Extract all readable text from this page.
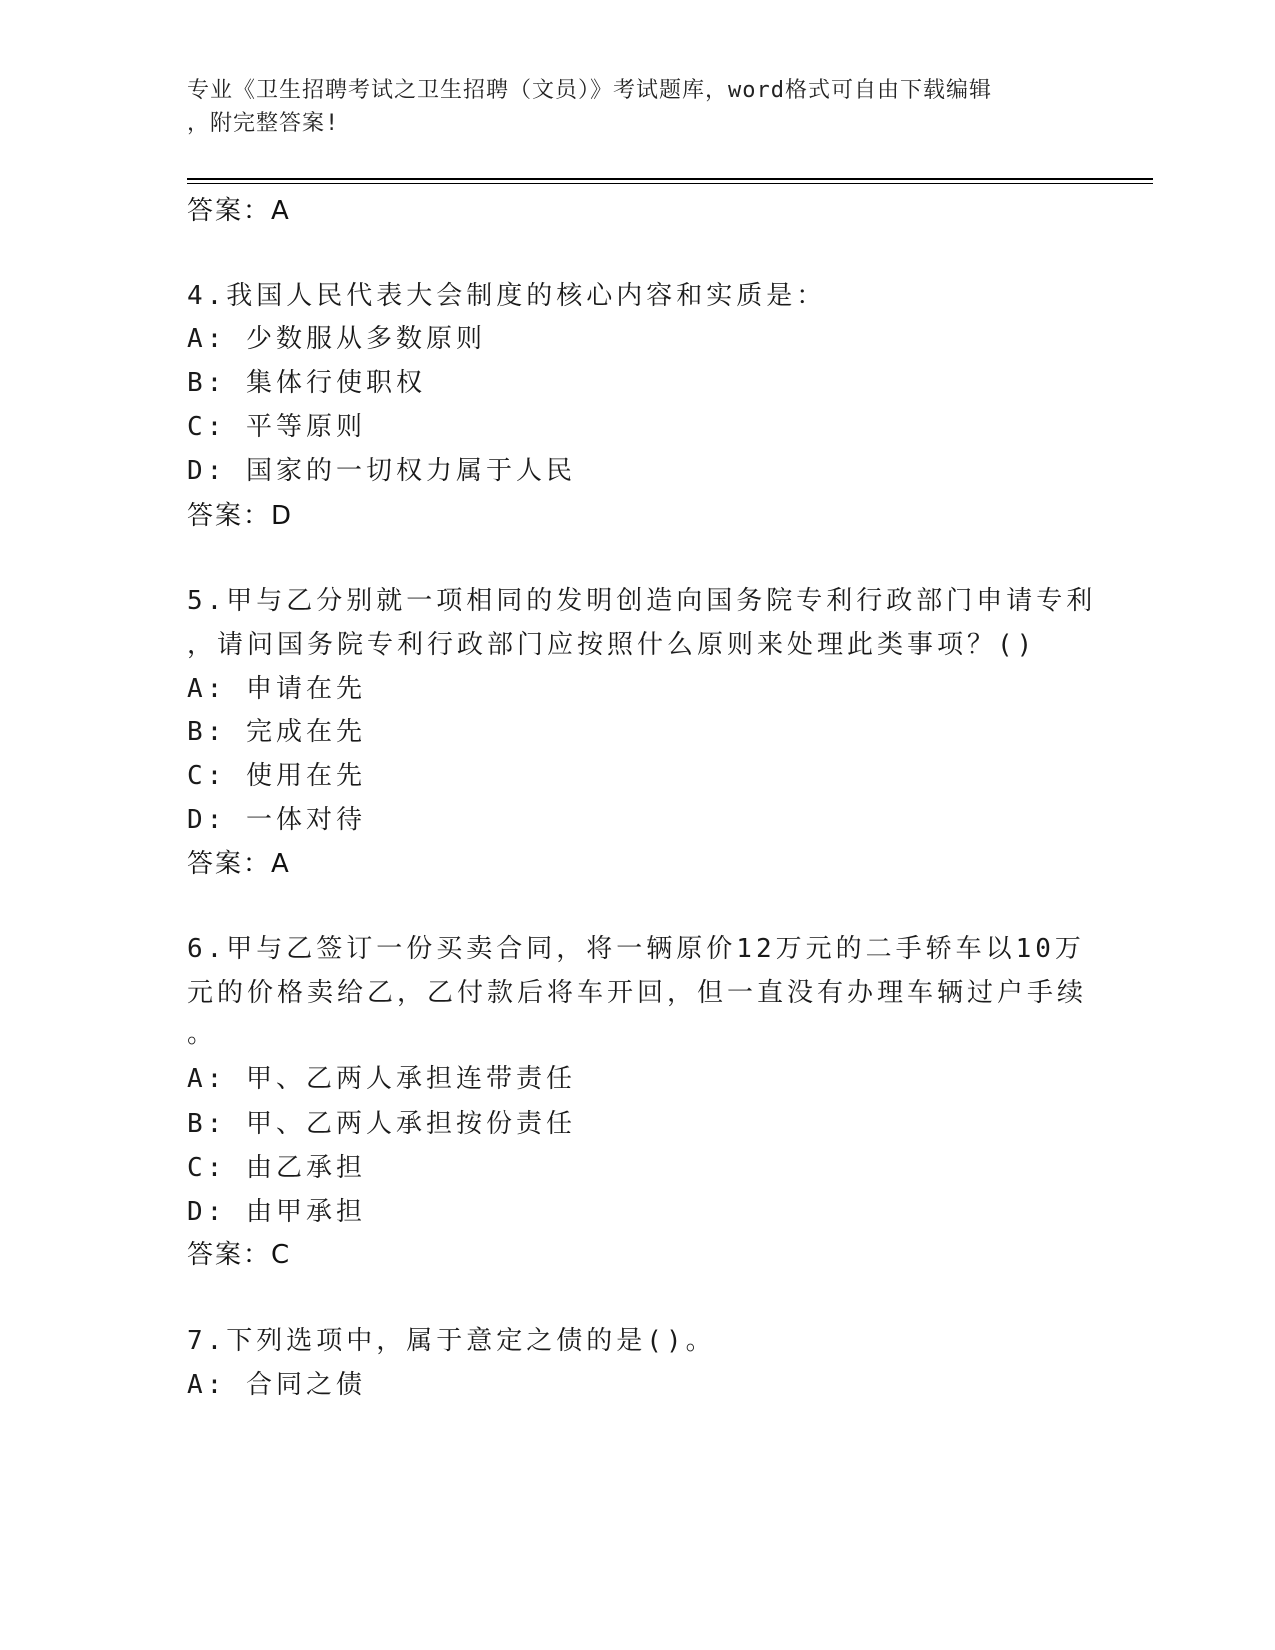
专业《卫生招聘考试之卫生招聘（文员）》考试题库，word格式可自由下载编辑
，附完整答案!
答案：A
4.我国人民代表大会制度的核心内容和实质是：
A: 少数服从多数原则
B: 集体行使职权
C: 平等原则
D: 国家的一切权力属于人民
答案：D
5.甲与乙分别就一项相同的发明创造向国务院专利行政部门申请专利
，请问国务院专利行政部门应按照什么原则来处理此类事项？()
A: 申请在先
B: 完成在先
C: 使用在先
D: 一体对待
答案：A
6.甲与乙签订一份买卖合同，将一辆原价12万元的二手轿车以10万
元的价格卖给乙，乙付款后将车开回，但一直没有办理车辆过户手续
。
A: 甲、乙两人承担连带责任
B: 甲、乙两人承担按份责任
C: 由乙承担
D: 由甲承担
答案：C
7.下列选项中，属于意定之债的是()。
A: 合同之债
